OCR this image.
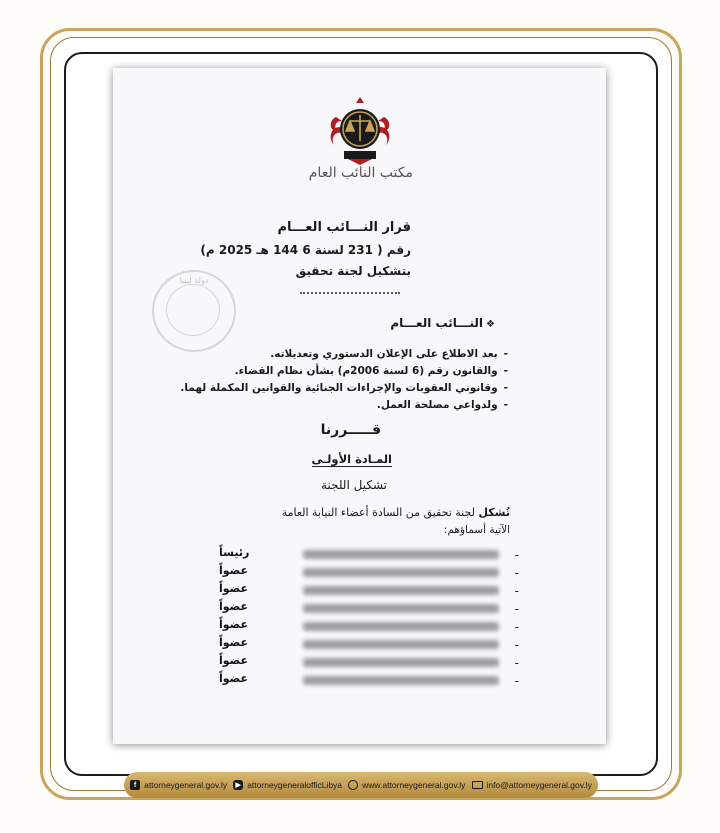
مكتب النائب العام
قرار النـــائب العـــام
رقم ( 231 لسنة 6 144 هـ 2025 م)
بتشكيل لجنة تحقيق
دولة ليبيا
❖النـــائب العـــام
-بعد الاطلاع على الإعلان الدستوري وتعديلاته.
-والقانون رقم (6 لسنة 2006م) بشأن نظام القضاء.
-وقانوني العقوبات والإجراءات الجنائية والقوانين المكملة لهما.
-ولدواعي مصلحة العمل.
قـــــررنا
المـادة الأولـى
تشكيل اللجنة
تُشكل لجنة تحقيق من السادة أعضاء النيابة العامة
الآتية أسماؤهم:
-
رئيساً
-
عضواً
-
عضواً
-
عضواً
-
عضواً
-
عضواً
-
عضواً
-
عضواً
f attorneygeneral.gov.ly	▶ attorneygeneralofficLibya www.attorneygeneral.gov.ly info@attorneygeneral.gov.ly
